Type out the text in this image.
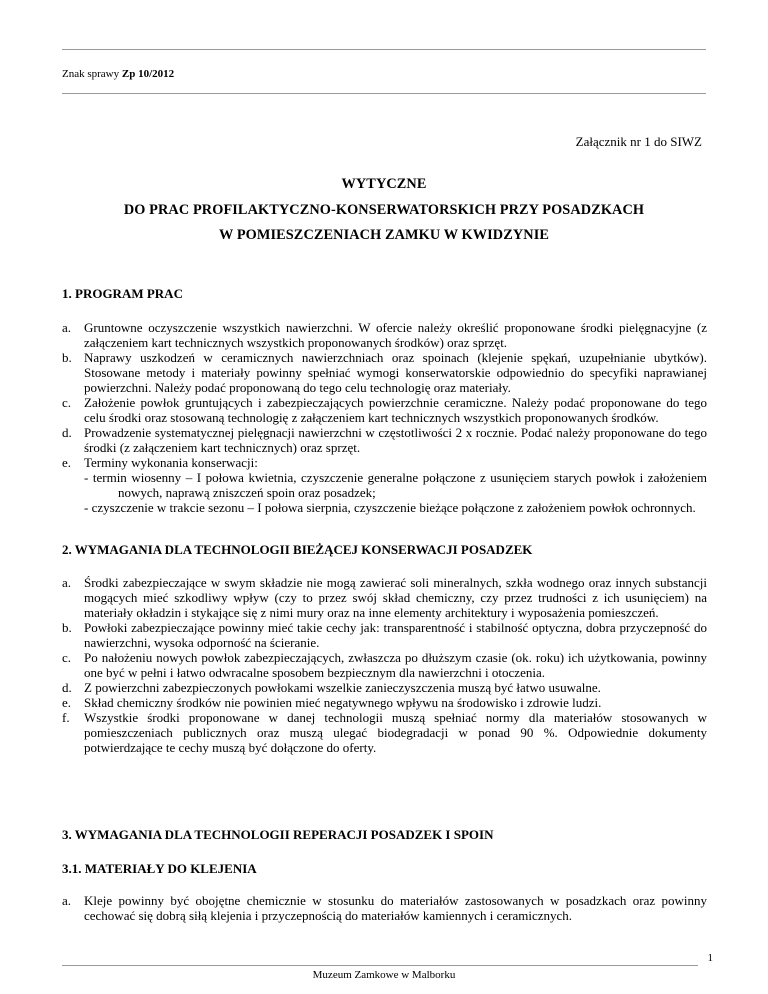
Znak sprawy Zp 10/2012
Załącznik nr 1 do SIWZ
WYTYCZNE
DO PRAC PROFILAKTYCZNO-KONSERWATORSKICH PRZY POSADZKACH
W POMIESZCZENIACH ZAMKU W KWIDZYNIE
1. PROGRAM PRAC
a. Gruntowne oczyszczenie wszystkich nawierzchni. W ofercie należy określić proponowane środki pielęgnacyjne (z załączeniem kart technicznych wszystkich proponowanych środków) oraz sprzęt.
b. Naprawy uszkodzeń w ceramicznych nawierzchniach oraz spoinach (klejenie spękań, uzupełnianie ubytków). Stosowane metody i materiały powinny spełniać wymogi konserwatorskie odpowiednio do specyfiki naprawianej powierzchni. Należy podać proponowaną do tego celu technologię oraz materiały.
c. Założenie powłok gruntujących i zabezpieczających powierzchnie ceramiczne. Należy podać proponowane do tego celu środki oraz stosowaną technologię z załączeniem kart technicznych wszystkich proponowanych środków.
d. Prowadzenie systematycznej pielęgnacji nawierzchni w częstotliwości 2 x rocznie. Podać należy proponowane do tego środki (z załączeniem kart technicznych) oraz sprzęt.
e. Terminy wykonania konserwacji:
- termin wiosenny – I połowa kwietnia, czyszczenie generalne połączone z usunięciem starych powłok i założeniem nowych, naprawą zniszczeń spoin oraz posadzek;
- czyszczenie w trakcie sezonu – I połowa sierpnia, czyszczenie bieżące połączone z założeniem powłok ochronnych.
2. WYMAGANIA DLA TECHNOLOGII BIEŻĄCEJ KONSERWACJI POSADZEK
a. Środki zabezpieczające w swym składzie nie mogą zawierać soli mineralnych, szkła wodnego oraz innych substancji mogących mieć szkodliwy wpływ (czy to przez swój skład chemiczny, czy przez trudności z ich usunięciem) na materiały okładzin i stykające się z nimi mury oraz na inne elementy architektury i wyposażenia pomieszczeń.
b. Powłoki zabezpieczające powinny mieć takie cechy jak: transparentność i stabilność optyczna, dobra przyczepność do nawierzchni, wysoka odporność na ścieranie.
c. Po nałożeniu nowych powłok zabezpieczających, zwłaszcza po dłuższym czasie (ok. roku) ich użytkowania, powinny one być w pełni i łatwo odwracalne sposobem bezpiecznym dla nawierzchni i otoczenia.
d. Z powierzchni zabezpieczonych powłokami wszelkie zanieczyszczenia muszą być łatwo usuwalne.
e. Skład chemiczny środków nie powinien mieć negatywnego wpływu na środowisko i zdrowie ludzi.
f. Wszystkie środki proponowane w danej technologii muszą spełniać normy dla materiałów stosowanych w pomieszczeniach publicznych oraz muszą ulegać biodegradacji w ponad 90 %. Odpowiednie dokumenty potwierdzające te cechy muszą być dołączone do oferty.
3. WYMAGANIA DLA TECHNOLOGII REPERACJI POSADZEK I SPOIN
3.1. MATERIAŁY DO KLEJENIA
a. Kleje powinny być obojętne chemicznie w stosunku do materiałów zastosowanych w posadzkach oraz powinny cechować się dobrą siłą klejenia i przyczepnością do materiałów kamiennych i ceramicznych.
1
Muzeum Zamkowe w Malborku
